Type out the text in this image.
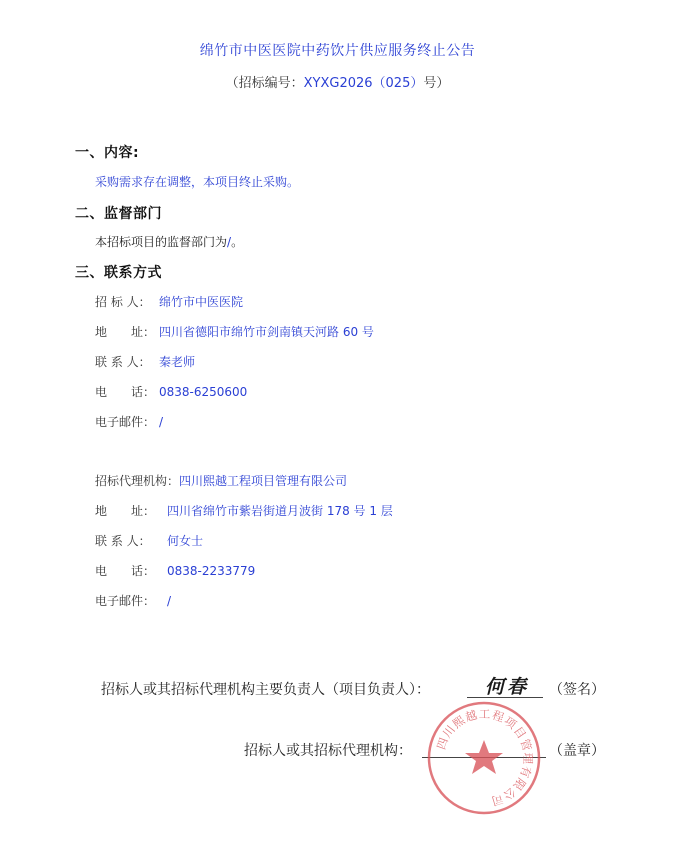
绵竹市中医医院中药饮片供应服务终止公告
（招标编号：XYXG2026（025）号）
一、内容:
采购需求存在调整，本项目终止采购。
二、监督部门
本招标项目的监督部门为/。
三、联系方式
招 标 人： 绵竹市中医医院
地　　址： 四川省德阳市绵竹市剑南镇天河路 60 号
联 系 人： 秦老师
电　　话： 0838-6250600
电子邮件： /
招标代理机构：四川熙越工程项目管理有限公司
地　　址： 四川省绵竹市紫岩街道月波街 178 号 1 层
联 系 人： 何女士
电　　话： 0838-2233779
电子邮件： /
招标人或其招标代理机构主要负责人（项目负责人）：	何春 （签名）
招标人或其招标代理机构： 四川熙越工程项目管理有限公司
（盖章）
